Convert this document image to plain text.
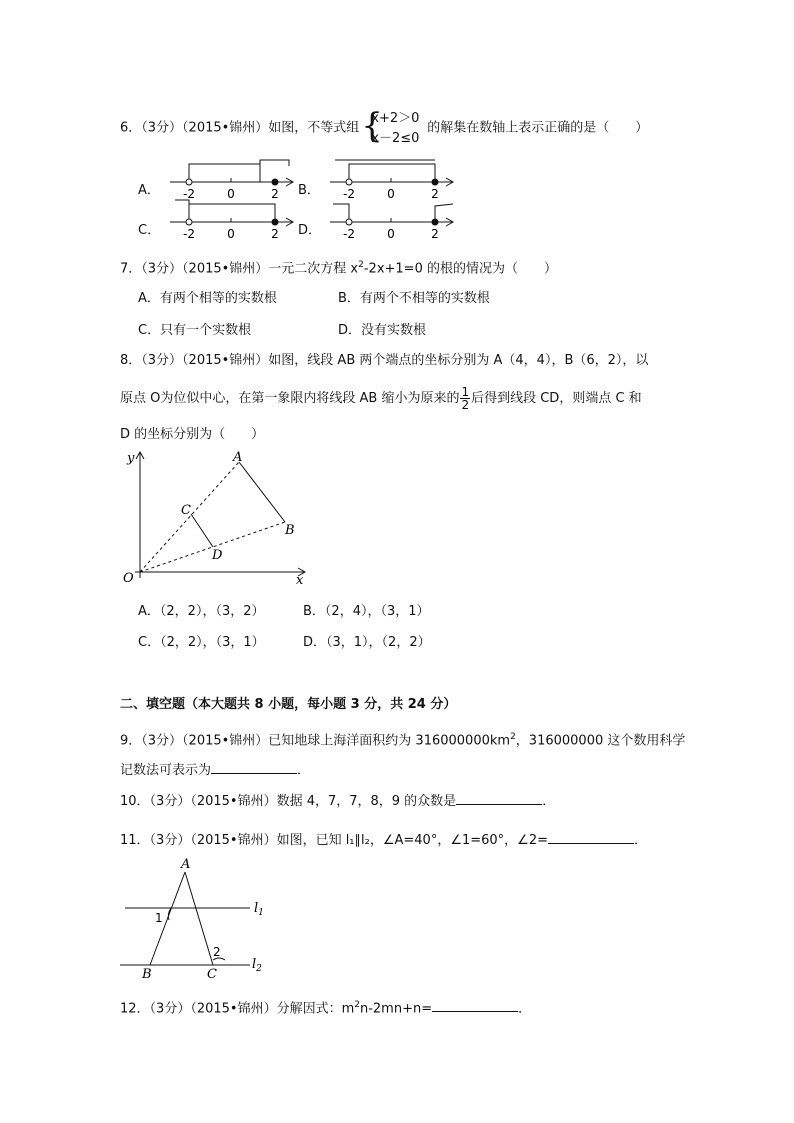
6．（3分）（2015•锦州）如图，不等式组 {
x+2＞0
x－2≤0
的解集在数轴上表示正确的是（　　）
A． -2	0	2 B． -2	0	2
C． -2	0	2 D． -2	0	2
7．（3分）（2015•锦州）一元二次方程 $x^2-2x+1=0$ 的根的情况为（　　）
A．有两个相等的实数根	B．有两个不相等的实数根
C．只有一个实数根	D．没有实数根
8．（3分）（2015•锦州）如图，线段 AB 两个端点的坐标分别为 A（4，4），B（6，2），以
原点 O为位似中心，在第一象限内将线段 AB 缩小为原来的 $\frac{1}{2}$ 后得到线段 CD，则端点 C 和
D 的坐标分别为（　　）
y
x
O
A
B
C
D
A．（2，2），（3，2）	B．（2，4），（3，1）
C．（2，2），（3，1）	D．（3，1），（2，2）
二、填空题（本大题共 8 小题，每小题 3 分，共 24 分）
9．（3分）（2015•锦州）已知地球上海洋面积约为 $316000000km^2$，316000000 这个数用科学
记数法可表示为	．
10．（3分）（2015•锦州）数据 4，7，7，8，9 的众数是	．
11．（3分）（2015•锦州）如图，已知 l₁∥l₂，∠A=40°，∠1=60°，∠2=	．
A
B	C
1
2
$l_1$
$l_2$
12．（3分）（2015•锦州）分解因式：$m^2n-2mn+n=$	．
